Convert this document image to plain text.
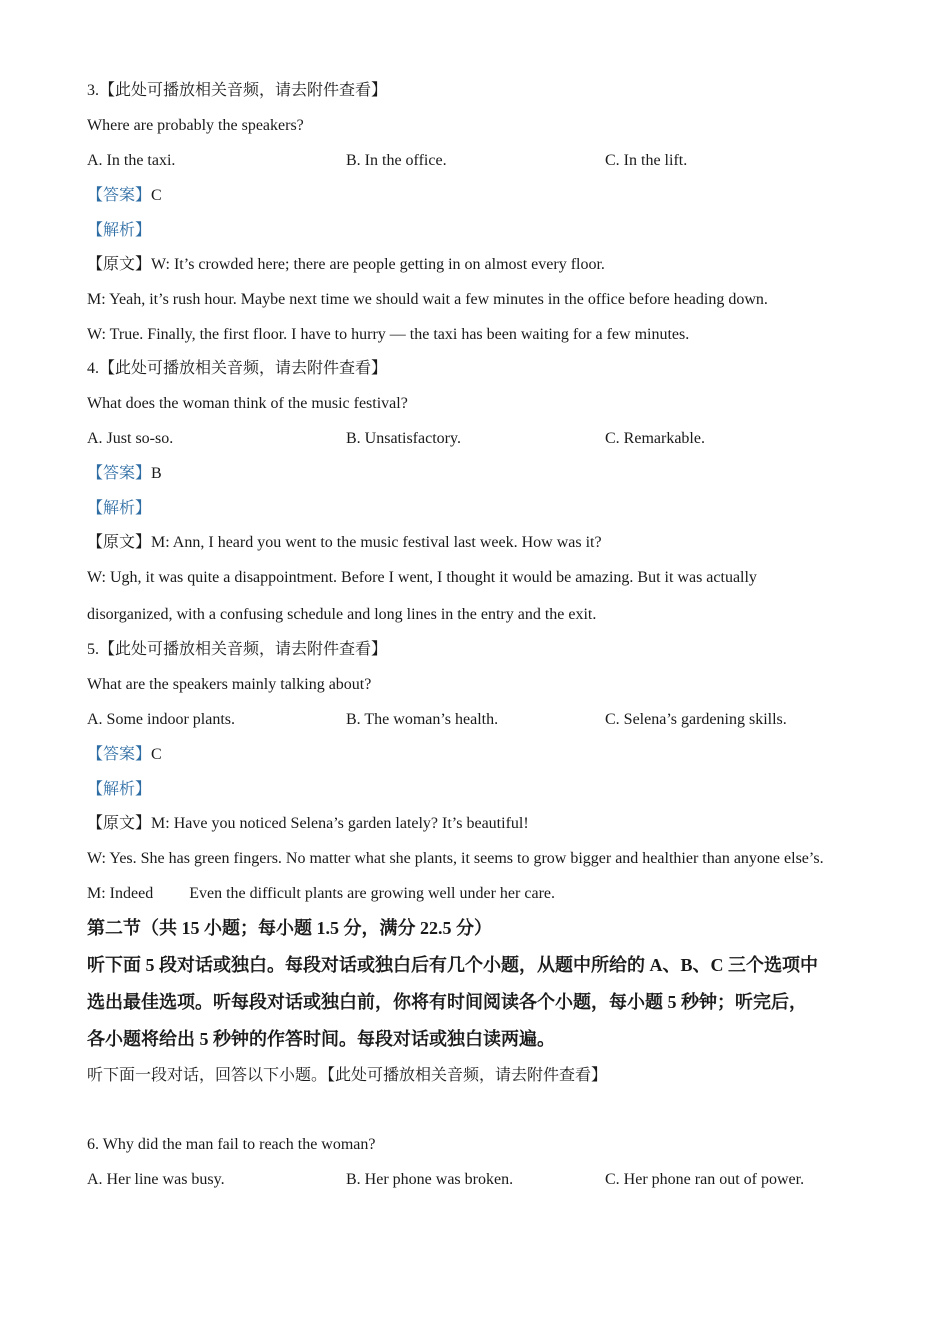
3.【此处可播放相关音频，请去附件查看】
Where are probably the speakers?
A. In the taxi.	B. In the office.	C. In the lift.
【答案】C
【解析】
【原文】W: It’s crowded here; there are people getting in on almost every floor.
M: Yeah, it’s rush hour. Maybe next time we should wait a few minutes in the office before heading down.
W: True. Finally, the first floor. I have to hurry — the taxi has been waiting for a few minutes.
4.【此处可播放相关音频，请去附件查看】
What does the woman think of the music festival?
A. Just so-so.	B. Unsatisfactory.	C. Remarkable.
【答案】B
【解析】
【原文】M: Ann, I heard you went to the music festival last week. How was it?
W: Ugh, it was quite a disappointment. Before I went, I thought it would be amazing. But it was actually
disorganized, with a confusing schedule and long lines in the entry and the exit.
5.【此处可播放相关音频，请去附件查看】
What are the speakers mainly talking about?
A. Some indoor plants.	B. The woman’s health.	C. Selena’s gardening skills.
【答案】C
【解析】
【原文】M: Have you noticed Selena’s garden lately? It’s beautiful!
W: Yes. She has green fingers. No matter what she plants, it seems to grow bigger and healthier than anyone else’s.
M: Indeed Even the difficult plants are growing well under her care.
第二节（共 15 小题；每小题 1.5 分，满分 22.5 分）
听下面 5 段对话或独白。每段对话或独白后有几个小题，从题中所给的 A、B、C 三个选项中
选出最佳选项。听每段对话或独白前，你将有时间阅读各个小题，每小题 5 秒钟；听完后，
各小题将给出 5 秒钟的作答时间。每段对话或独白读两遍。
听下面一段对话，回答以下小题。【此处可播放相关音频，请去附件查看】
6. Why did the man fail to reach the woman?
A. Her line was busy.	B. Her phone was broken.	C. Her phone ran out of power.
